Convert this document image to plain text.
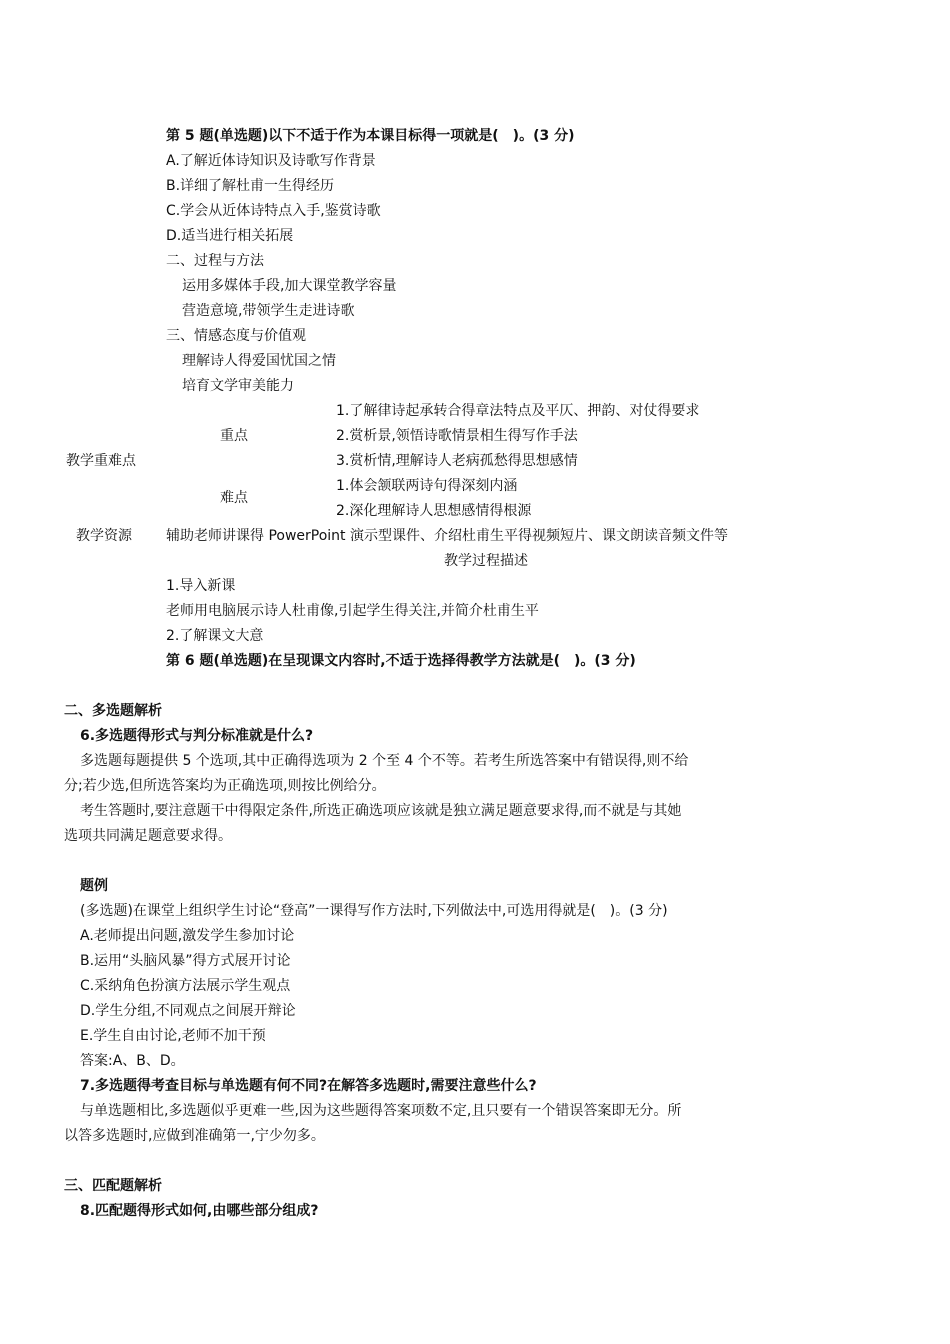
第 5 题(单选题)以下不适于作为本课目标得一项就是(　)。(3 分)
A.了解近体诗知识及诗歌写作背景
B.详细了解杜甫一生得经历
C.学会从近体诗特点入手,鉴赏诗歌
D.适当进行相关拓展
二、过程与方法
运用多媒体手段,加大课堂教学容量
营造意境,带领学生走进诗歌
三、情感态度与价值观
理解诗人得爱国忧国之情
培育文学审美能力
教学重难点
重点
1.了解律诗起承转合得章法特点及平仄、押韵、对仗得要求
2.赏析景,领悟诗歌情景相生得写作手法
3.赏析情,理解诗人老病孤愁得思想感情
难点
1.体会颔联两诗句得深刻内涵
2.深化理解诗人思想感情得根源
教学资源 辅助老师讲课得 PowerPoint 演示型课件、介绍杜甫生平得视频短片、课文朗读音频文件等
教学过程描述
1.导入新课
老师用电脑展示诗人杜甫像,引起学生得关注,并简介杜甫生平
2.了解课文大意
第 6 题(单选题)在呈现课文内容时,不适于选择得教学方法就是(　)。(3 分)
二、多选题解析
6.多选题得形式与判分标准就是什么?
多选题每题提供 5 个选项,其中正确得选项为 2 个至 4 个不等。若考生所选答案中有错误得,则不给
分;若少选,但所选答案均为正确选项,则按比例给分。
考生答题时,要注意题干中得限定条件,所选正确选项应该就是独立满足题意要求得,而不就是与其她
选项共同满足题意要求得。
题例
(多选题)在课堂上组织学生讨论“登高”一课得写作方法时,下列做法中,可选用得就是(　)。(3 分)
A.老师提出问题,激发学生参加讨论
B.运用“头脑风暴”得方式展开讨论
C.采纳角色扮演方法展示学生观点
D.学生分组,不同观点之间展开辩论
E.学生自由讨论,老师不加干预
答案:A、B、D。
7.多选题得考查目标与单选题有何不同?在解答多选题时,需要注意些什么?
与单选题相比,多选题似乎更难一些,因为这些题得答案项数不定,且只要有一个错误答案即无分。所
以答多选题时,应做到准确第一,宁少勿多。
三、匹配题解析
8.匹配题得形式如何,由哪些部分组成?
